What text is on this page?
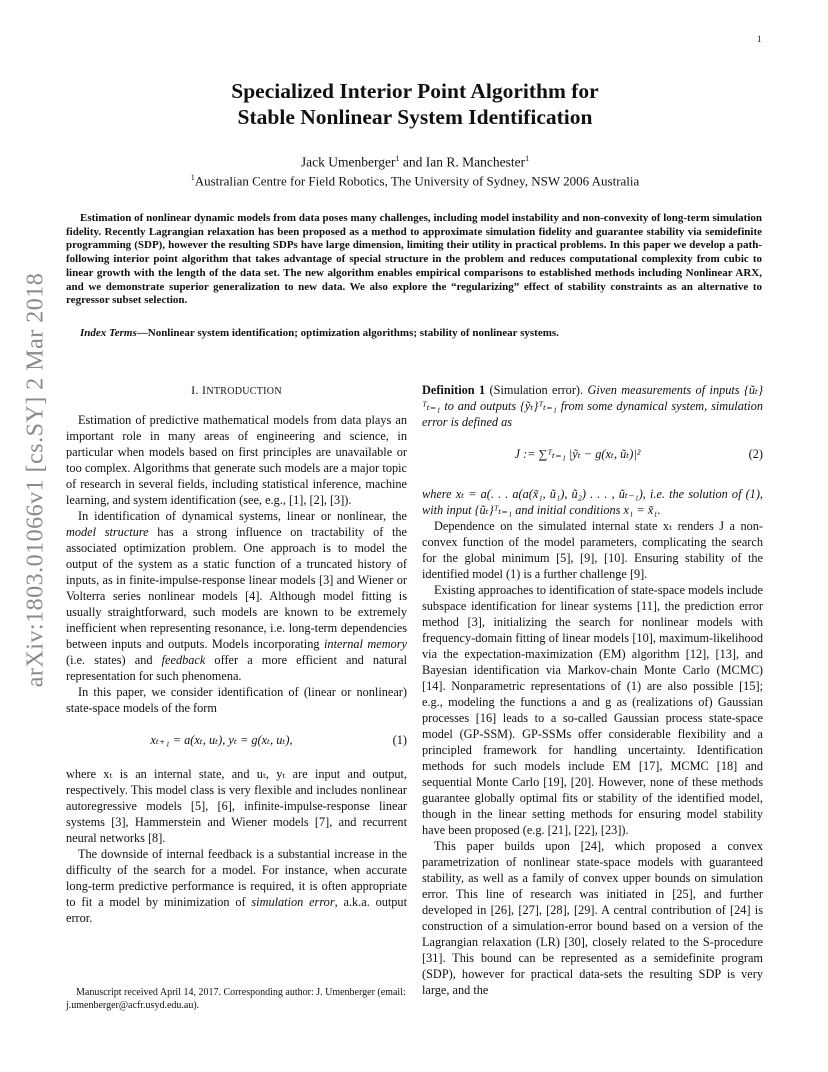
1
arXiv:1803.01066v1 [cs.SY] 2 Mar 2018
Specialized Interior Point Algorithm for
Stable Nonlinear System Identification
Jack Umenberger$^1$ and Ian R. Manchester$^1$
$^1$Australian Centre for Field Robotics, The University of Sydney, NSW 2006 Australia
Estimation of nonlinear dynamic models from data poses many challenges, including model instability and non-convexity of long-term simulation fidelity. Recently Lagrangian relaxation has been proposed as a method to approximate simulation fidelity and guarantee stability via semidefinite programming (SDP), however the resulting SDPs have large dimension, limiting their utility in practical problems. In this paper we develop a path-following interior point algorithm that takes advantage of special structure in the problem and reduces computational complexity from cubic to linear growth with the length of the data set. The new algorithm enables empirical comparisons to established methods including Nonlinear ARX, and we demonstrate superior generalization to new data. We also explore the “regularizing” effect of stability constraints as an alternative to regressor subset selection.
Index Terms—Nonlinear system identification; optimization algorithms; stability of nonlinear systems.
I. INTRODUCTION

Estimation of predictive mathematical models from data plays an important role in many areas of engineering and science, in particular when models based on first principles are unavailable or too complex. Algorithms that generate such models are a major topic of research in several fields, including statistical inference, machine learning, and system identification (see, e.g., [1], [2], [3]).

In identification of dynamical systems, linear or nonlinear, the model structure has a strong influence on tractability of the associated optimization problem. One approach is to model the output of the system as a static function of a truncated history of inputs, as in finite-impulse-response linear models [3] and Wiener or Volterra series nonlinear models [4]. Although model fitting is usually straightforward, such models are known to be extremely inefficient when representing resonance, i.e. long-term dependencies between inputs and outputs. Models incorporating internal memory (i.e. states) and feedback offer a more efficient and natural representation for such phenomena.

In this paper, we consider identification of (linear or nonlinear) state-space models of the form

xₜ₊₁ = a(xₜ, uₜ), yₜ = g(xₜ, uₜ),	(1)

where xₜ is an internal state, and uₜ, yₜ are input and output, respectively. This model class is very flexible and includes nonlinear autoregressive models [5], [6], infinite-impulse-response linear systems [3], Hammerstein and Wiener models [7], and recurrent neural networks [8].

The downside of internal feedback is a substantial increase in the difficulty of the search for a model. For instance, when accurate long-term predictive performance is required, it is often appropriate to fit a model by minimization of simulation error, a.k.a. output error.

Manuscript received April 14, 2017. Corresponding author: J. Umenberger (email: j.umenberger@acfr.usyd.edu.au).

Definition 1 (Simulation error). Given measurements of inputs {ũₜ}ᵀₜ₌₁ to and outputs {ỹₜ}ᵀₜ₌₁ from some dynamical system, simulation error is defined as

J := ∑ᵀₜ₌₁ |ỹₜ − g(xₜ, ũₜ)|²	(2)

where xₜ = a(. . . a(a(x̃₁, ũ₁), ũ₂) . . . , ũₜ₋₁), i.e. the solution of (1), with input {ũₜ}ᵀₜ₌₁ and initial conditions x₁ = x̃₁.

Dependence on the simulated internal state xₜ renders J a non-convex function of the model parameters, complicating the search for the global minimum [5], [9], [10]. Ensuring stability of the identified model (1) is a further challenge [9].

Existing approaches to identification of state-space models include subspace identification for linear systems [11], the prediction error method [3], initializing the search for nonlinear models with frequency-domain fitting of linear models [10], maximum-likelihood via the expectation-maximization (EM) algorithm [12], [13], and Bayesian identification via Markov-chain Monte Carlo (MCMC) [14]. Nonparametric representations of (1) are also possible [15]; e.g., modeling the functions a and g as (realizations of) Gaussian processes [16] leads to a so-called Gaussian process state-space model (GP-SSM). GP-SSMs offer considerable flexibility and a principled framework for handling uncertainty. Identification methods for such models include EM [17], MCMC [18] and sequential Monte Carlo [19], [20]. However, none of these methods guarantee globally optimal fits or stability of the identified model, though in the linear setting methods for ensuring model stability have been proposed (e.g. [21], [22], [23]).

This paper builds upon [24], which proposed a convex parametrization of nonlinear state-space models with guaranteed stability, as well as a family of convex upper bounds on simulation error. This line of research was initiated in [25], and further developed in [26], [27], [28], [29]. A central contribution of [24] is construction of a simulation-error bound based on a version of the Lagrangian relaxation (LR) [30], closely related to the S-procedure [31]. This bound can be represented as a semidefinite program (SDP), however for practical data-sets the resulting SDP is very large, and the
